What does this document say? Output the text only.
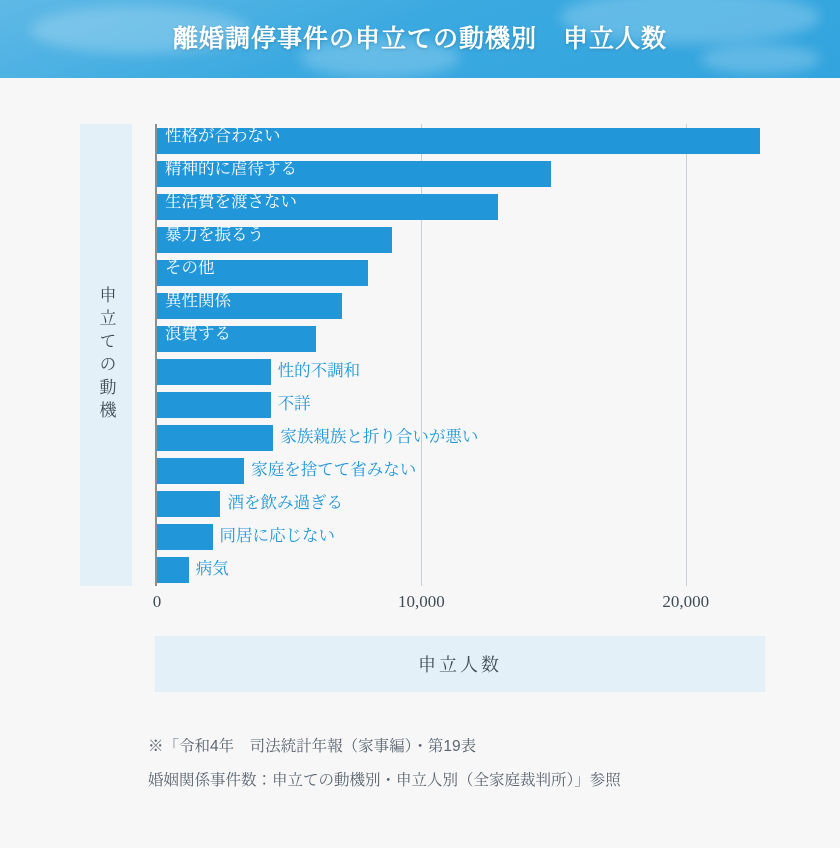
離婚調停事件の申立ての動機別　申立人数
申立ての動機
性格が合わない
精神的に虐待する
生活費を渡さない
暴力を振るう
その他
異性関係
浪費する
性的不調和
不詳
家族親族と折り合いが悪い
家庭を捨てて省みない
酒を飲み過ぎる
同居に応じない
病気
0	10,000	20,000
申立人数
※「令和4年　司法統計年報（家事編）・第19表
婚姻関係事件数：申立ての動機別・申立人別（全家庭裁判所）」参照
